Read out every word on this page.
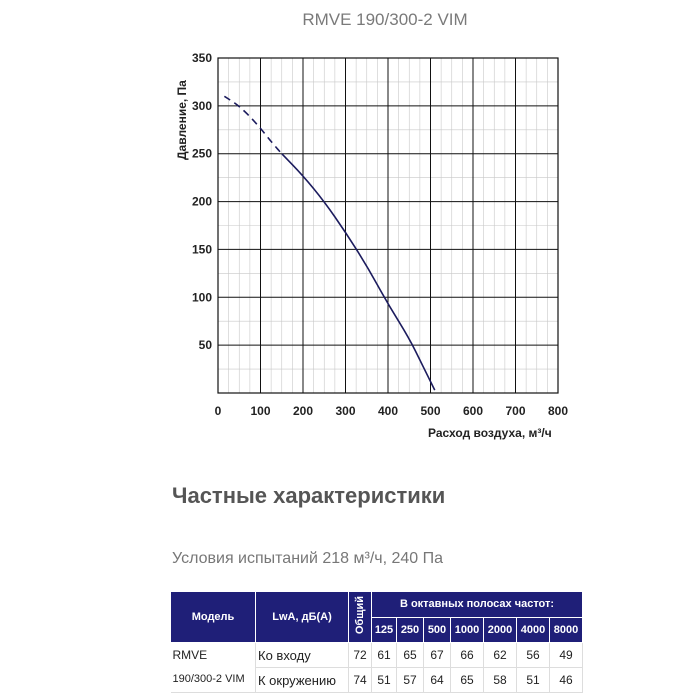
0 100 200 300 400 500 600 700 800
50
100
150
200
250
300
350
RMVE 190/300-2 VIM
Давление, Па
Расход воздуха, м³/ч
Частные характеристики
Условия испытаний 218 м³/ч, 240 Па
Модель	LwA, дБ(А)	Общий	В октавных полосах частот:						
			125	250	500	1000	2000	4000	8000

RMVE
190/300-2 VIM	Ко входу	72	61	65	67	66	62	56	49
	К окружению	74	51	57	64	65	58	51	46
